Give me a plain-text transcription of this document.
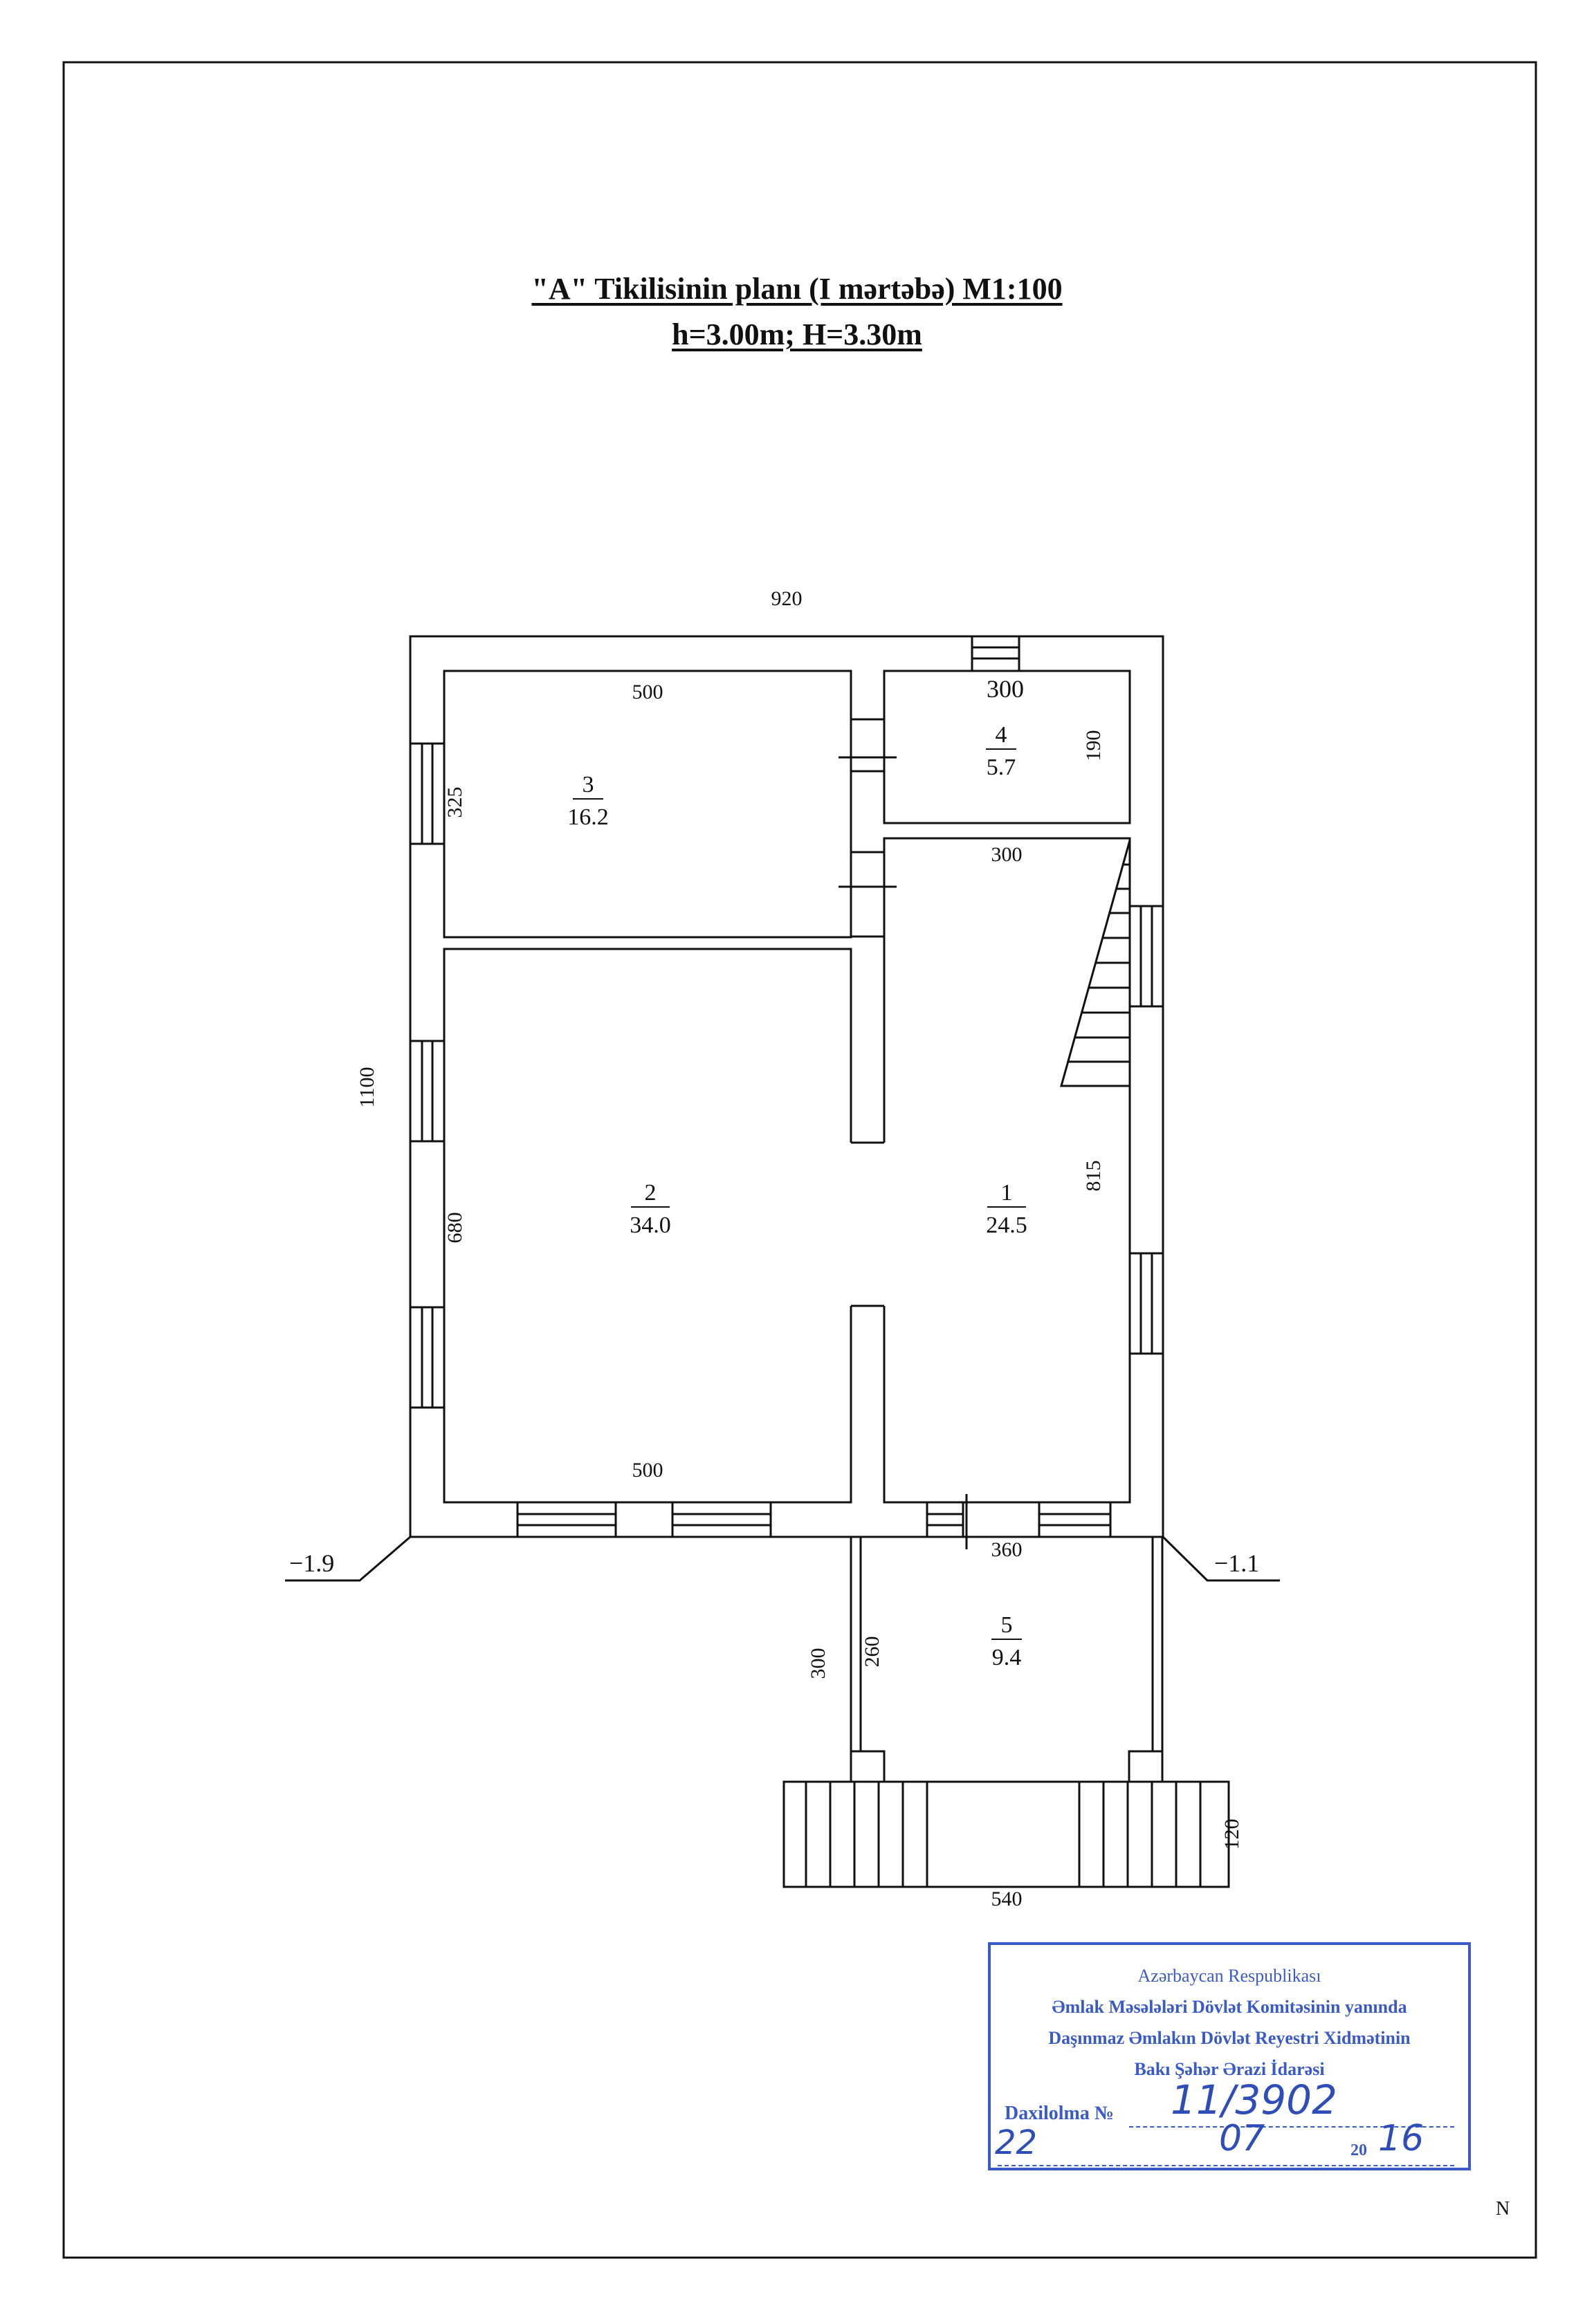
"A" Tikilisinin planı (I mərtəbə) M1:100
h=3.00m; H=3.30m
−1.9	−1.1
920
1100
500
325
300
190
300
815
680
500
360
260
300
540
120
3
16.2
4
5.7
2
34.0
1
24.5
5
9.4
Azərbaycan Respublikası
Əmlak Məsələləri Dövlət Komitəsinin yanında
Daşınmaz Əmlakın Dövlət Reyestri Xidmətinin
Bakı Şəhər Ərazi İdarəsi
Daxilolma № 11/3902
22	07	20 16
N
